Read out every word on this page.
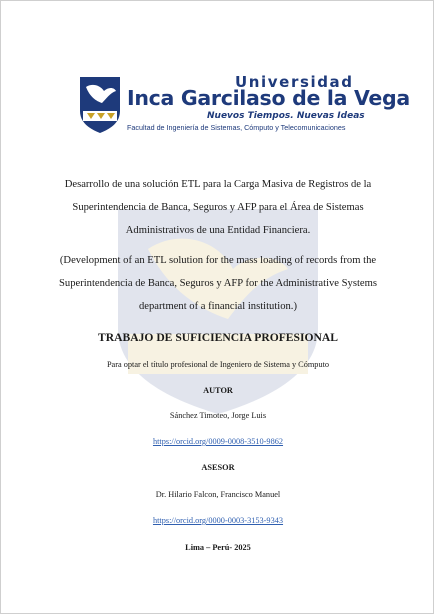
Universidad
Inca Garcilaso de la Vega
Nuevos Tiempos. Nuevas Ideas
Facultad de Ingeniería de Sistemas, Cómputo y Telecomunicaciones
Desarrollo de una solución ETL para la Carga Masiva de Registros de la
Superintendencia de Banca, Seguros y AFP para el Área de Sistemas
Administrativos de una Entidad Financiera.
(Development of an ETL solution for the mass loading of records from the
Superintendencia de Banca, Seguros y AFP for the Administrative Systems
department of a financial institution.)
TRABAJO DE SUFICIENCIA PROFESIONAL
Para optar el título profesional de Ingeniero de Sistema y Cómputo
AUTOR
Sánchez Timoteo, Jorge Luis
https://orcid.org/0009-0008-3510-9862
ASESOR
Dr. Hilario Falcon, Francisco Manuel
https://orcid.org/0000-0003-3153-9343
Lima – Perú- 2025
